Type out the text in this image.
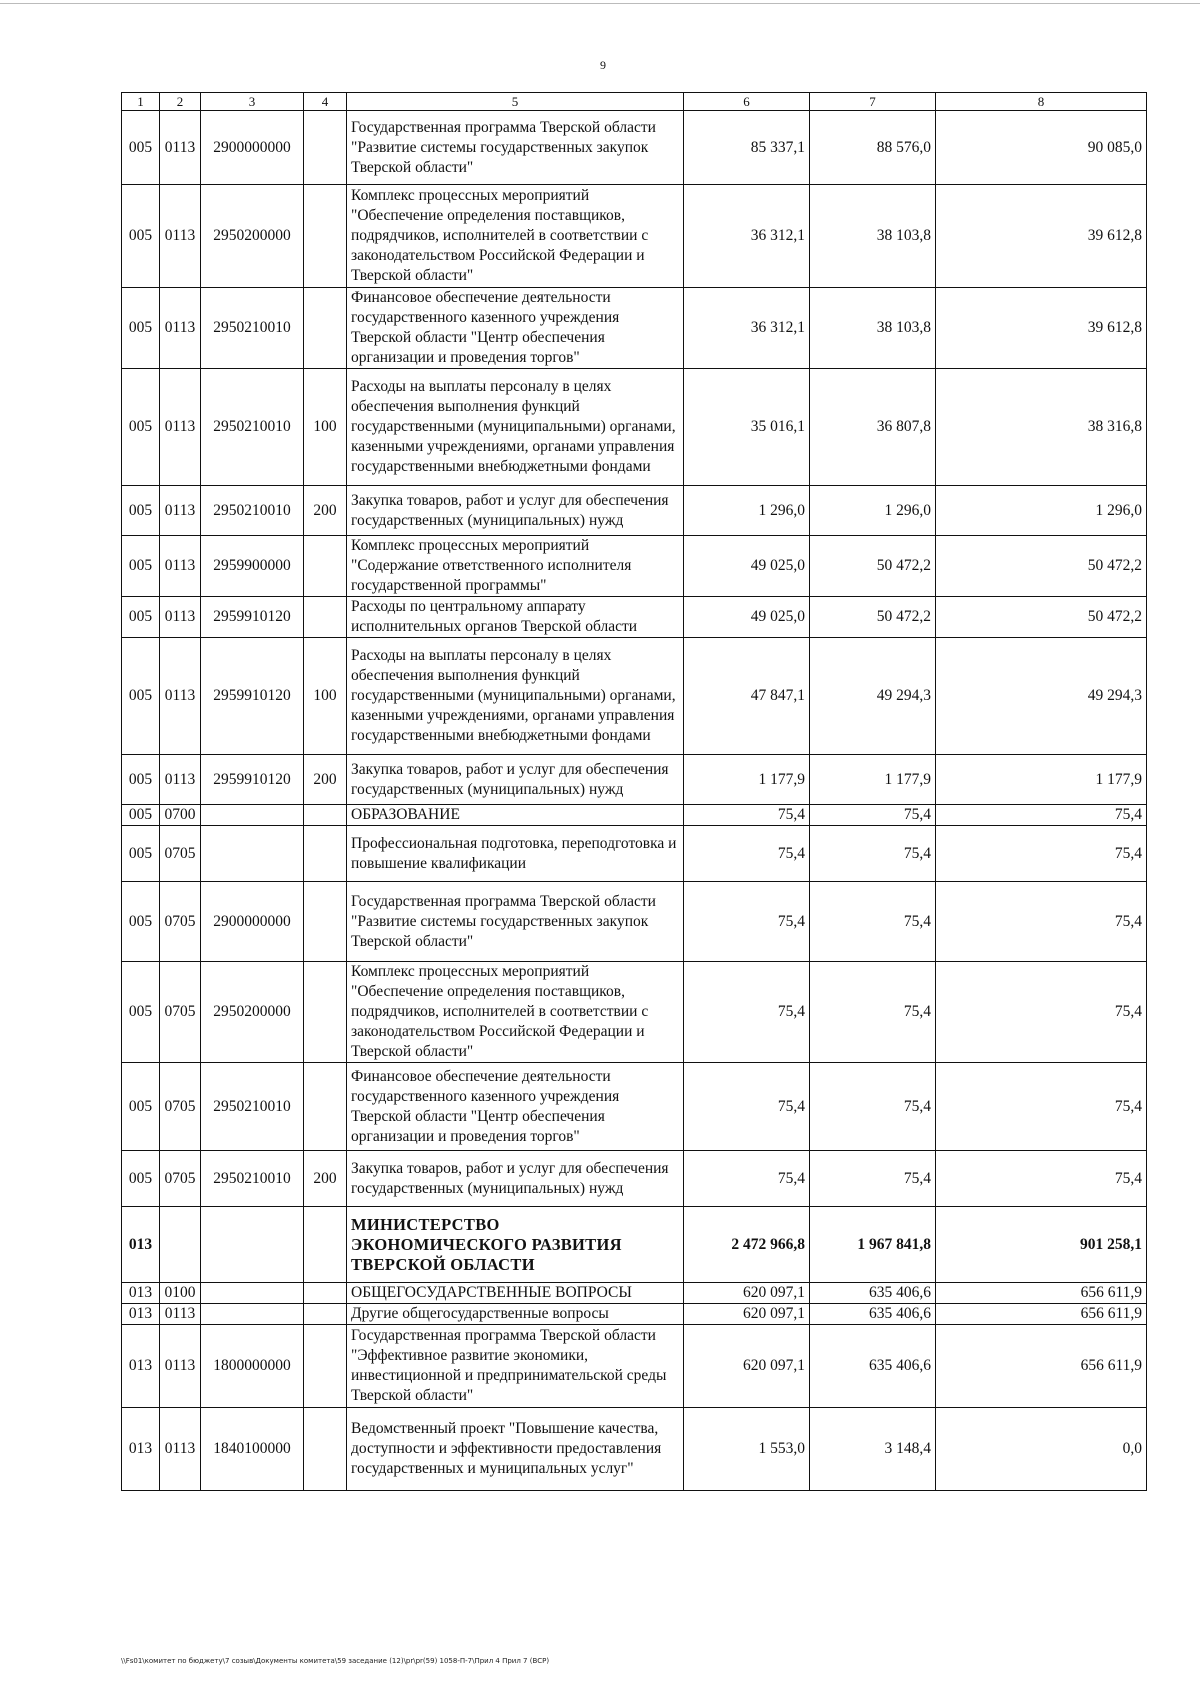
9
1	2	3	4	5	6	7	8
005	0113	2900000000		Государственная программа Тверской области "Развитие системы государственных закупок Тверской области"	85 337,1	88 576,0	90 085,0
005	0113	2950200000		Комплекс процессных мероприятий "Обеспечение определения поставщиков, подрядчиков, исполнителей в соответствии с законодательством Российской Федерации и Тверской области"	36 312,1	38 103,8	39 612,8
005	0113	2950210010		Финансовое обеспечение деятельности государственного казенного учреждения Тверской области "Центр обеспечения организации и проведения торгов"	36 312,1	38 103,8	39 612,8
005	0113	2950210010	100	Расходы на выплаты персоналу в целях обеспечения выполнения функций государственными (муниципальными) органами, казенными учреждениями, органами управления государственными внебюджетными фондами	35 016,1	36 807,8	38 316,8
005	0113	2950210010	200	Закупка товаров, работ и услуг для обеспечения государственных (муниципальных) нужд	1 296,0	1 296,0	1 296,0
005	0113	2959900000		Комплекс процессных мероприятий "Содержание ответственного исполнителя государственной программы"	49 025,0	50 472,2	50 472,2
005	0113	2959910120		Расходы по центральному аппарату исполнительных органов Тверской области	49 025,0	50 472,2	50 472,2
005	0113	2959910120	100	Расходы на выплаты персоналу в целях обеспечения выполнения функций государственными (муниципальными) органами, казенными учреждениями, органами управления государственными внебюджетными фондами	47 847,1	49 294,3	49 294,3
005	0113	2959910120	200	Закупка товаров, работ и услуг для обеспечения государственных (муниципальных) нужд	1 177,9	1 177,9	1 177,9
005	0700			ОБРАЗОВАНИЕ	75,4	75,4	75,4
005	0705			Профессиональная подготовка, переподготовка и повышение квалификации	75,4	75,4	75,4
005	0705	2900000000		Государственная программа Тверской области "Развитие системы государственных закупок Тверской области"	75,4	75,4	75,4
005	0705	2950200000		Комплекс процессных мероприятий "Обеспечение определения поставщиков, подрядчиков, исполнителей в соответствии с законодательством Российской Федерации и Тверской области"	75,4	75,4	75,4
005	0705	2950210010		Финансовое обеспечение деятельности государственного казенного учреждения Тверской области "Центр обеспечения организации и проведения торгов"	75,4	75,4	75,4
005	0705	2950210010	200	Закупка товаров, работ и услуг для обеспечения государственных (муниципальных) нужд	75,4	75,4	75,4
013				МИНИСТЕРСТВО ЭКОНОМИЧЕСКОГО РАЗВИТИЯ ТВЕРСКОЙ ОБЛАСТИ	2 472 966,8	1 967 841,8	901 258,1
013	0100			ОБЩЕГОСУДАРСТВЕННЫЕ ВОПРОСЫ	620 097,1	635 406,6	656 611,9
013	0113			Другие общегосударственные вопросы	620 097,1	635 406,6	656 611,9
013	0113	1800000000		Государственная программа Тверской области "Эффективное развитие экономики, инвестиционной и предпринимательской среды Тверской области"	620 097,1	635 406,6	656 611,9
013	0113	1840100000		Ведомственный проект "Повышение качества, доступности и эффективности предоставления государственных и муниципальных услуг"	1 553,0	3 148,4	0,0
\\Fs01\комитет по бюджету\7 созыв\Документы комитета\59 заседание (12)\pr\pr(59) 1058-П-7\Прил 4 Прил 7 (ВСР)
